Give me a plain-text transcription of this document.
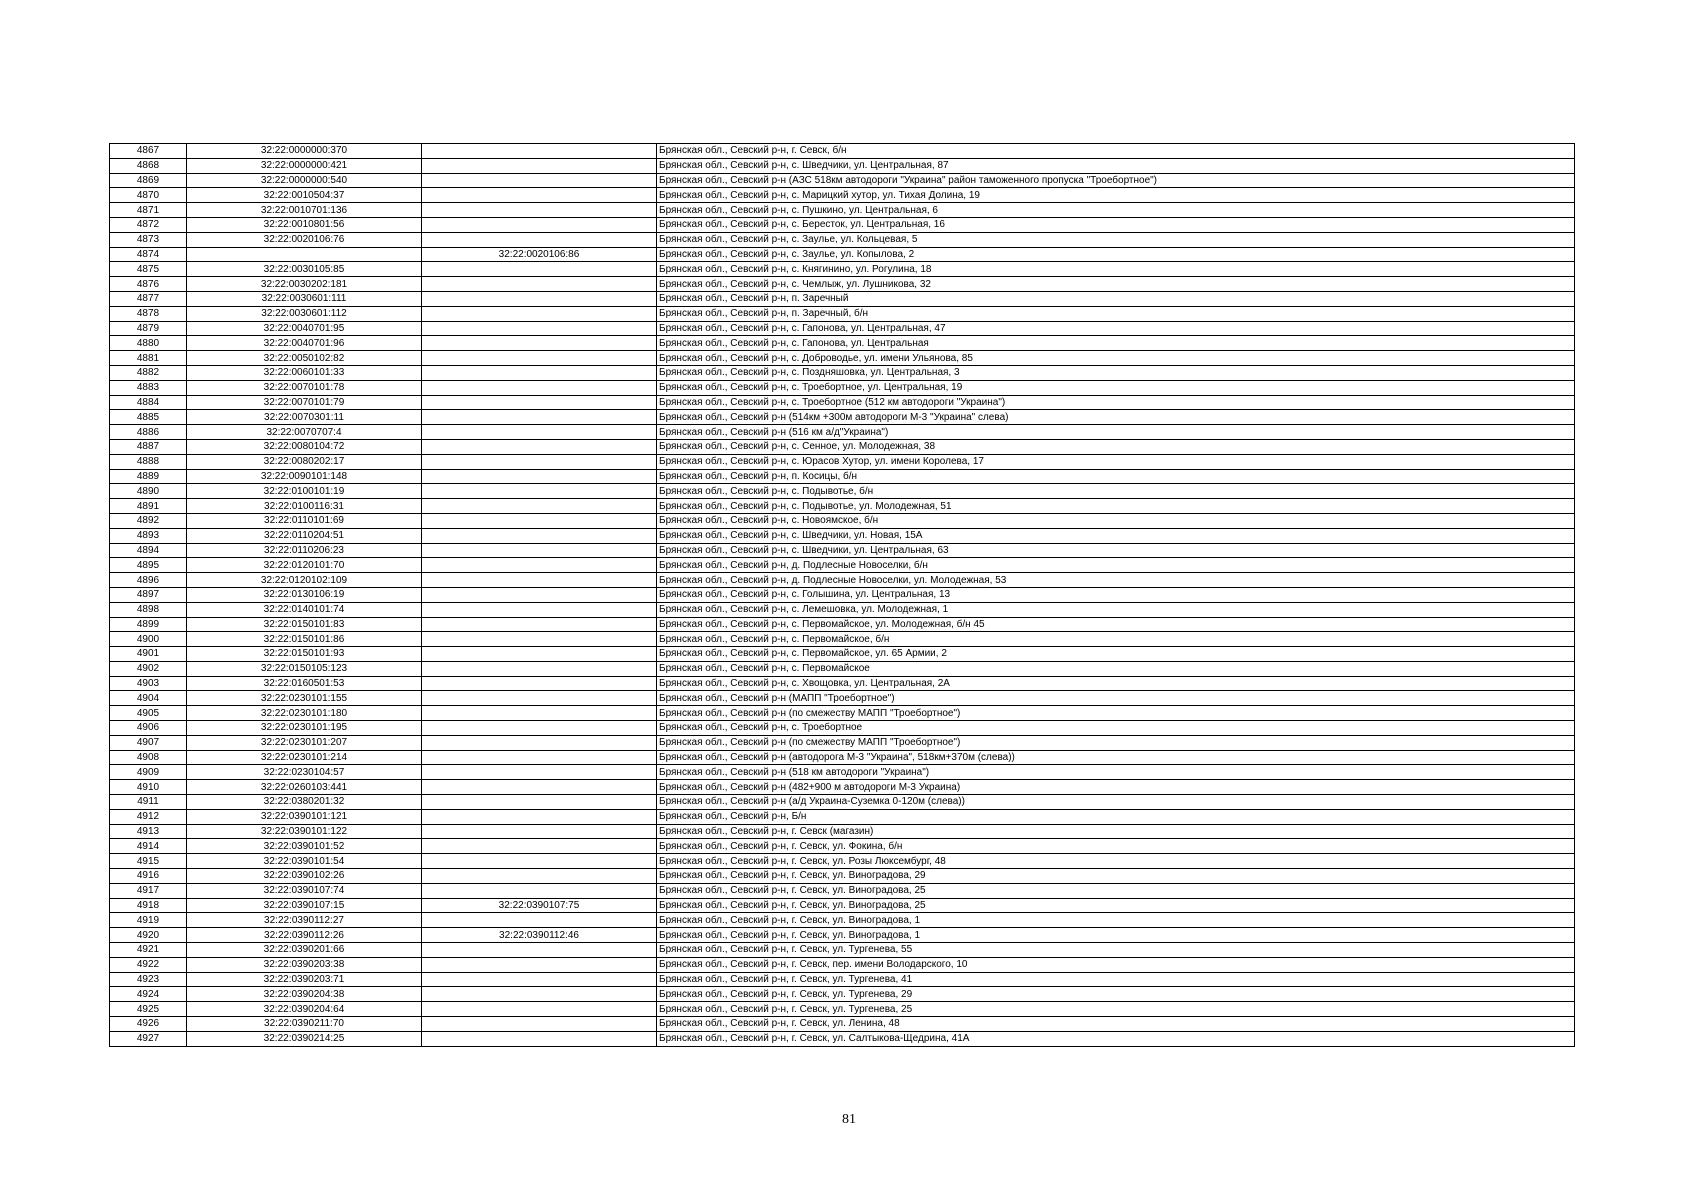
4867	32:22:0000000:370		Брянская обл., Севский р-н, г. Севск, б/н
4868	32:22:0000000:421		Брянская обл., Севский р-н, с. Шведчики, ул. Центральная, 87
4869	32:22:0000000:540		Брянская обл., Севский р-н (АЗС 518км автодороги "Украина" район таможенного пропуска "Троебортное")
4870	32:22:0010504:37		Брянская обл., Севский р-н, с. Марицкий хутор, ул. Тихая Долина, 19
4871	32:22:0010701:136		Брянская обл., Севский р-н, с. Пушкино, ул. Центральная, 6
4872	32:22:0010801:56		Брянская обл., Севский р-н, с. Бересток, ул. Центральная, 16
4873	32:22:0020106:76		Брянская обл., Севский р-н, с. Заулье, ул. Кольцевая, 5
4874		32:22:0020106:86	Брянская обл., Севский р-н, с. Заулье, ул. Копылова, 2
4875	32:22:0030105:85		Брянская обл., Севский р-н, с. Княгинино, ул. Рогулина, 18
4876	32:22:0030202:181		Брянская обл., Севский р-н, с. Чемлыж, ул. Лушникова, 32
4877	32:22:0030601:111		Брянская обл., Севский р-н, п. Заречный
4878	32:22:0030601:112		Брянская обл., Севский р-н, п. Заречный, б/н
4879	32:22:0040701:95		Брянская обл., Севский р-н, с. Гапонова, ул. Центральная, 47
4880	32:22:0040701:96		Брянская обл., Севский р-н, с. Гапонова, ул. Центральная
4881	32:22:0050102:82		Брянская обл., Севский р-н, с. Доброводье, ул. имени Ульянова, 85
4882	32:22:0060101:33		Брянская обл., Севский р-н, с. Поздняшовка, ул. Центральная, 3
4883	32:22:0070101:78		Брянская обл., Севский р-н, с. Троебортное, ул. Центральная, 19
4884	32:22:0070101:79		Брянская обл., Севский р-н, с. Троебортное (512 км автодороги "Украина")
4885	32:22:0070301:11		Брянская обл., Севский р-н (514км +300м автодороги М-3 "Украина" слева)
4886	32:22:0070707:4		Брянская обл., Севский р-н (516 км а/д"Украина")
4887	32:22:0080104:72		Брянская обл., Севский р-н, с. Сенное, ул. Молодежная, 38
4888	32:22:0080202:17		Брянская обл., Севский р-н, с. Юрасов Хутор, ул. имени Королева, 17
4889	32:22:0090101:148		Брянская обл., Севский р-н, п. Косицы, б/н
4890	32:22:0100101:19		Брянская обл., Севский р-н, с. Подывотье, б/н
4891	32:22:0100116:31		Брянская обл., Севский р-н, с. Подывотье, ул. Молодежная, 51
4892	32:22:0110101:69		Брянская обл., Севский р-н, с. Новоямское, б/н
4893	32:22:0110204:51		Брянская обл., Севский р-н, с. Шведчики, ул. Новая, 15А
4894	32:22:0110206:23		Брянская обл., Севский р-н, с. Шведчики, ул. Центральная, 63
4895	32:22:0120101:70		Брянская обл., Севский р-н, д. Подлесные Новоселки, б/н
4896	32:22:0120102:109		Брянская обл., Севский р-н, д. Подлесные Новоселки, ул. Молодежная, 53
4897	32:22:0130106:19		Брянская обл., Севский р-н, с. Голышина, ул. Центральная, 13
4898	32:22:0140101:74		Брянская обл., Севский р-н, с. Лемешовка, ул. Молодежная, 1
4899	32:22:0150101:83		Брянская обл., Севский р-н, с. Первомайское, ул. Молодежная, б/н 45
4900	32:22:0150101:86		Брянская обл., Севский р-н, с. Первомайское, б/н
4901	32:22:0150101:93		Брянская обл., Севский р-н, с. Первомайское, ул. 65 Армии, 2
4902	32:22:0150105:123		Брянская обл., Севский р-н, с. Первомайское
4903	32:22:0160501:53		Брянская обл., Севский р-н, с. Хвощовка, ул. Центральная, 2А
4904	32:22:0230101:155		Брянская обл., Севский р-н (МАПП "Троебортное")
4905	32:22:0230101:180		Брянская обл., Севский р-н (по смежеству МАПП "Троебортное")
4906	32:22:0230101:195		Брянская обл., Севский р-н, с. Троебортное
4907	32:22:0230101:207		Брянская обл., Севский р-н (по смежеству МАПП "Троебортное")
4908	32:22:0230101:214		Брянская обл., Севский р-н (автодорога М-3 "Украина", 518км+370м (слева))
4909	32:22:0230104:57		Брянская обл., Севский р-н (518 км автодороги "Украина")
4910	32:22:0260103:441		Брянская обл., Севский р-н (482+900 м автодороги М-3 Украина)
4911	32:22:0380201:32		Брянская обл., Севский р-н (а/д Украина-Суземка 0-120м (слева))
4912	32:22:0390101:121		Брянская обл., Севский р-н, Б/н
4913	32:22:0390101:122		Брянская обл., Севский р-н, г. Севск (магазин)
4914	32:22:0390101:52		Брянская обл., Севский р-н, г. Севск, ул. Фокина, б/н
4915	32:22:0390101:54		Брянская обл., Севский р-н, г. Севск, ул. Розы Люксембург, 48
4916	32:22:0390102:26		Брянская обл., Севский р-н, г. Севск, ул. Виноградова, 29
4917	32:22:0390107:74		Брянская обл., Севский р-н, г. Севск, ул. Виноградова, 25
4918	32:22:0390107:15	32:22:0390107:75	Брянская обл., Севский р-н, г. Севск, ул. Виноградова, 25
4919	32:22:0390112:27		Брянская обл., Севский р-н, г. Севск, ул. Виноградова, 1
4920	32:22:0390112:26	32:22:0390112:46	Брянская обл., Севский р-н, г. Севск, ул. Виноградова, 1
4921	32:22:0390201:66		Брянская обл., Севский р-н, г. Севск, ул. Тургенева, 55
4922	32:22:0390203:38		Брянская обл., Севский р-н, г. Севск, пер. имени Володарского, 10
4923	32:22:0390203:71		Брянская обл., Севский р-н, г. Севск, ул. Тургенева, 41
4924	32:22:0390204:38		Брянская обл., Севский р-н, г. Севск, ул. Тургенева, 29
4925	32:22:0390204:64		Брянская обл., Севский р-н, г. Севск, ул. Тургенева, 25
4926	32:22:0390211:70		Брянская обл., Севский р-н, г. Севск, ул. Ленина, 48
4927	32:22:0390214:25		Брянская обл., Севский р-н, г. Севск, ул. Салтыкова-Щедрина, 41А
81
